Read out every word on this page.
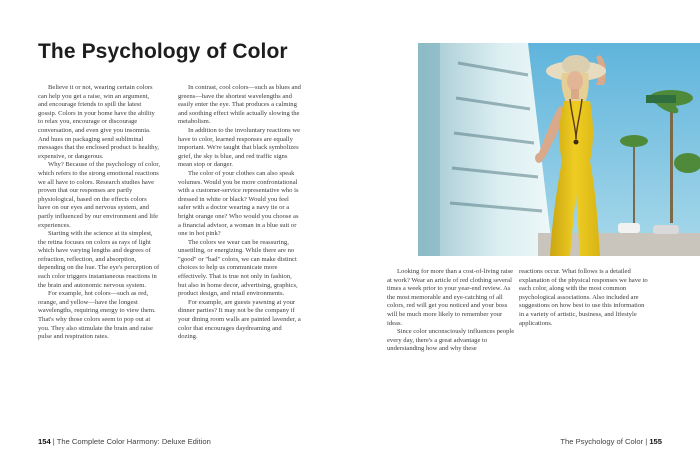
The Psychology of Color

Believe it or not, wearing certain colors can help you get a raise, win an argument, and encourage friends to spill the latest gossip. Colors in your home have the ability to relax you, encourage or discourage conversation, and even give you insomnia. And hues on packaging send subliminal messages that the enclosed product is healthy, expensive, or dangerous.

Why? Because of the psychology of color, which refers to the strong emotional reactions we all have to colors. Research studies have proven that our responses are partly physiological, based on the effects colors have on our eyes and nervous system, and partly influenced by our environment and life experiences.

Starting with the science at its simplest, the retina focuses on colors as rays of light which have varying lengths and degrees of refraction, reflection, and absorption, depending on the hue. The eye's perception of each color triggers instantaneous reactions in the brain and autonomic nervous system.

For example, hot colors—such as red, orange, and yellow—have the longest wavelengths, requiring energy to view them. That's why those colors seem to pop out at you. They also stimulate the brain and raise pulse and respiration rates.

In contrast, cool colors—such as blues and greens—have the shortest wavelengths and easily enter the eye. That produces a calming and soothing effect while actually slowing the metabolism.

In addition to the involuntary reactions we have to color, learned responses are equally important. We're taught that black symbolizes grief, the sky is blue, and red traffic signs mean stop or danger.

The color of your clothes can also speak volumes. Would you be more confrontational with a customer-service representative who is dressed in white or black? Would you feel safer with a doctor wearing a navy tie or a bright orange one? Who would you choose as a financial advisor, a woman in a blue suit or one in hot pink?

The colors we wear can be reassuring, unsettling, or energizing. While there are no "good" or "bad" colors, we can make distinct choices to help us communicate more effectively. That is true not only in fashion, but also in home decor, advertising, graphics, product design, and retail environments.

For example, are guests yawning at your dinner parties? It may not be the company if your dining room walls are painted lavender, a color that encourages daydreaming and dozing.

154 | The Complete Color Harmony: Deluxe Edition

Looking for more than a cost-of-living raise at work? Wear an article of red clothing several times a week prior to your year-end review. As the most memorable and eye-catching of all colors, red will get you noticed and your boss will be much more likely to remember your ideas.

Since color unconsciously influences people every day, there's a great advantage to understanding how and why these

reactions occur. What follows is a detailed explanation of the physical responses we have to each color, along with the most common psychological associations. Also included are suggestions on how best to use this information in a variety of artistic, business, and lifestyle applications.

The Psychology of Color | 155
